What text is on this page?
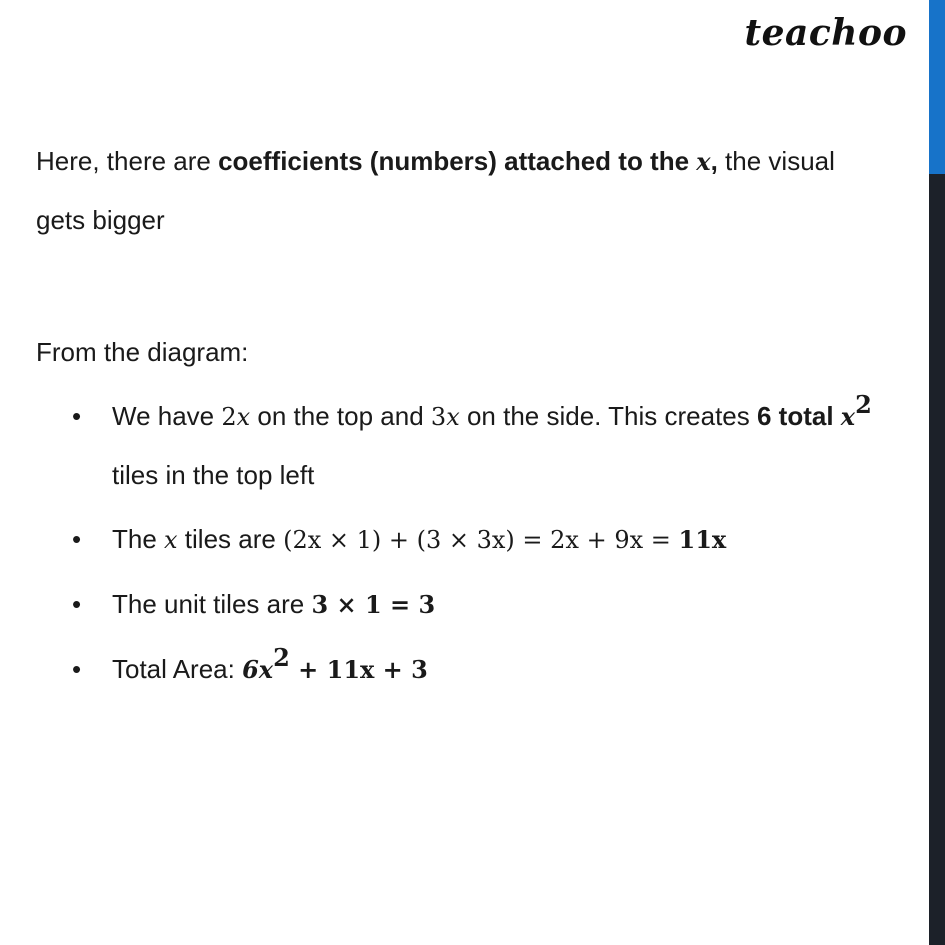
teachoo

Here, there are coefficients (numbers) attached to the x, the visual gets bigger

From the diagram:

• We have 2x on the top and 3x on the side. This creates 6 total $x^2$ tiles in the top left
• The x tiles are (2x × 1) + (3 × 3x) = 2x + 9x = 11x
• The unit tiles are 3 × 1 = 3
• Total Area: $6x^2 + 11x + 3$
